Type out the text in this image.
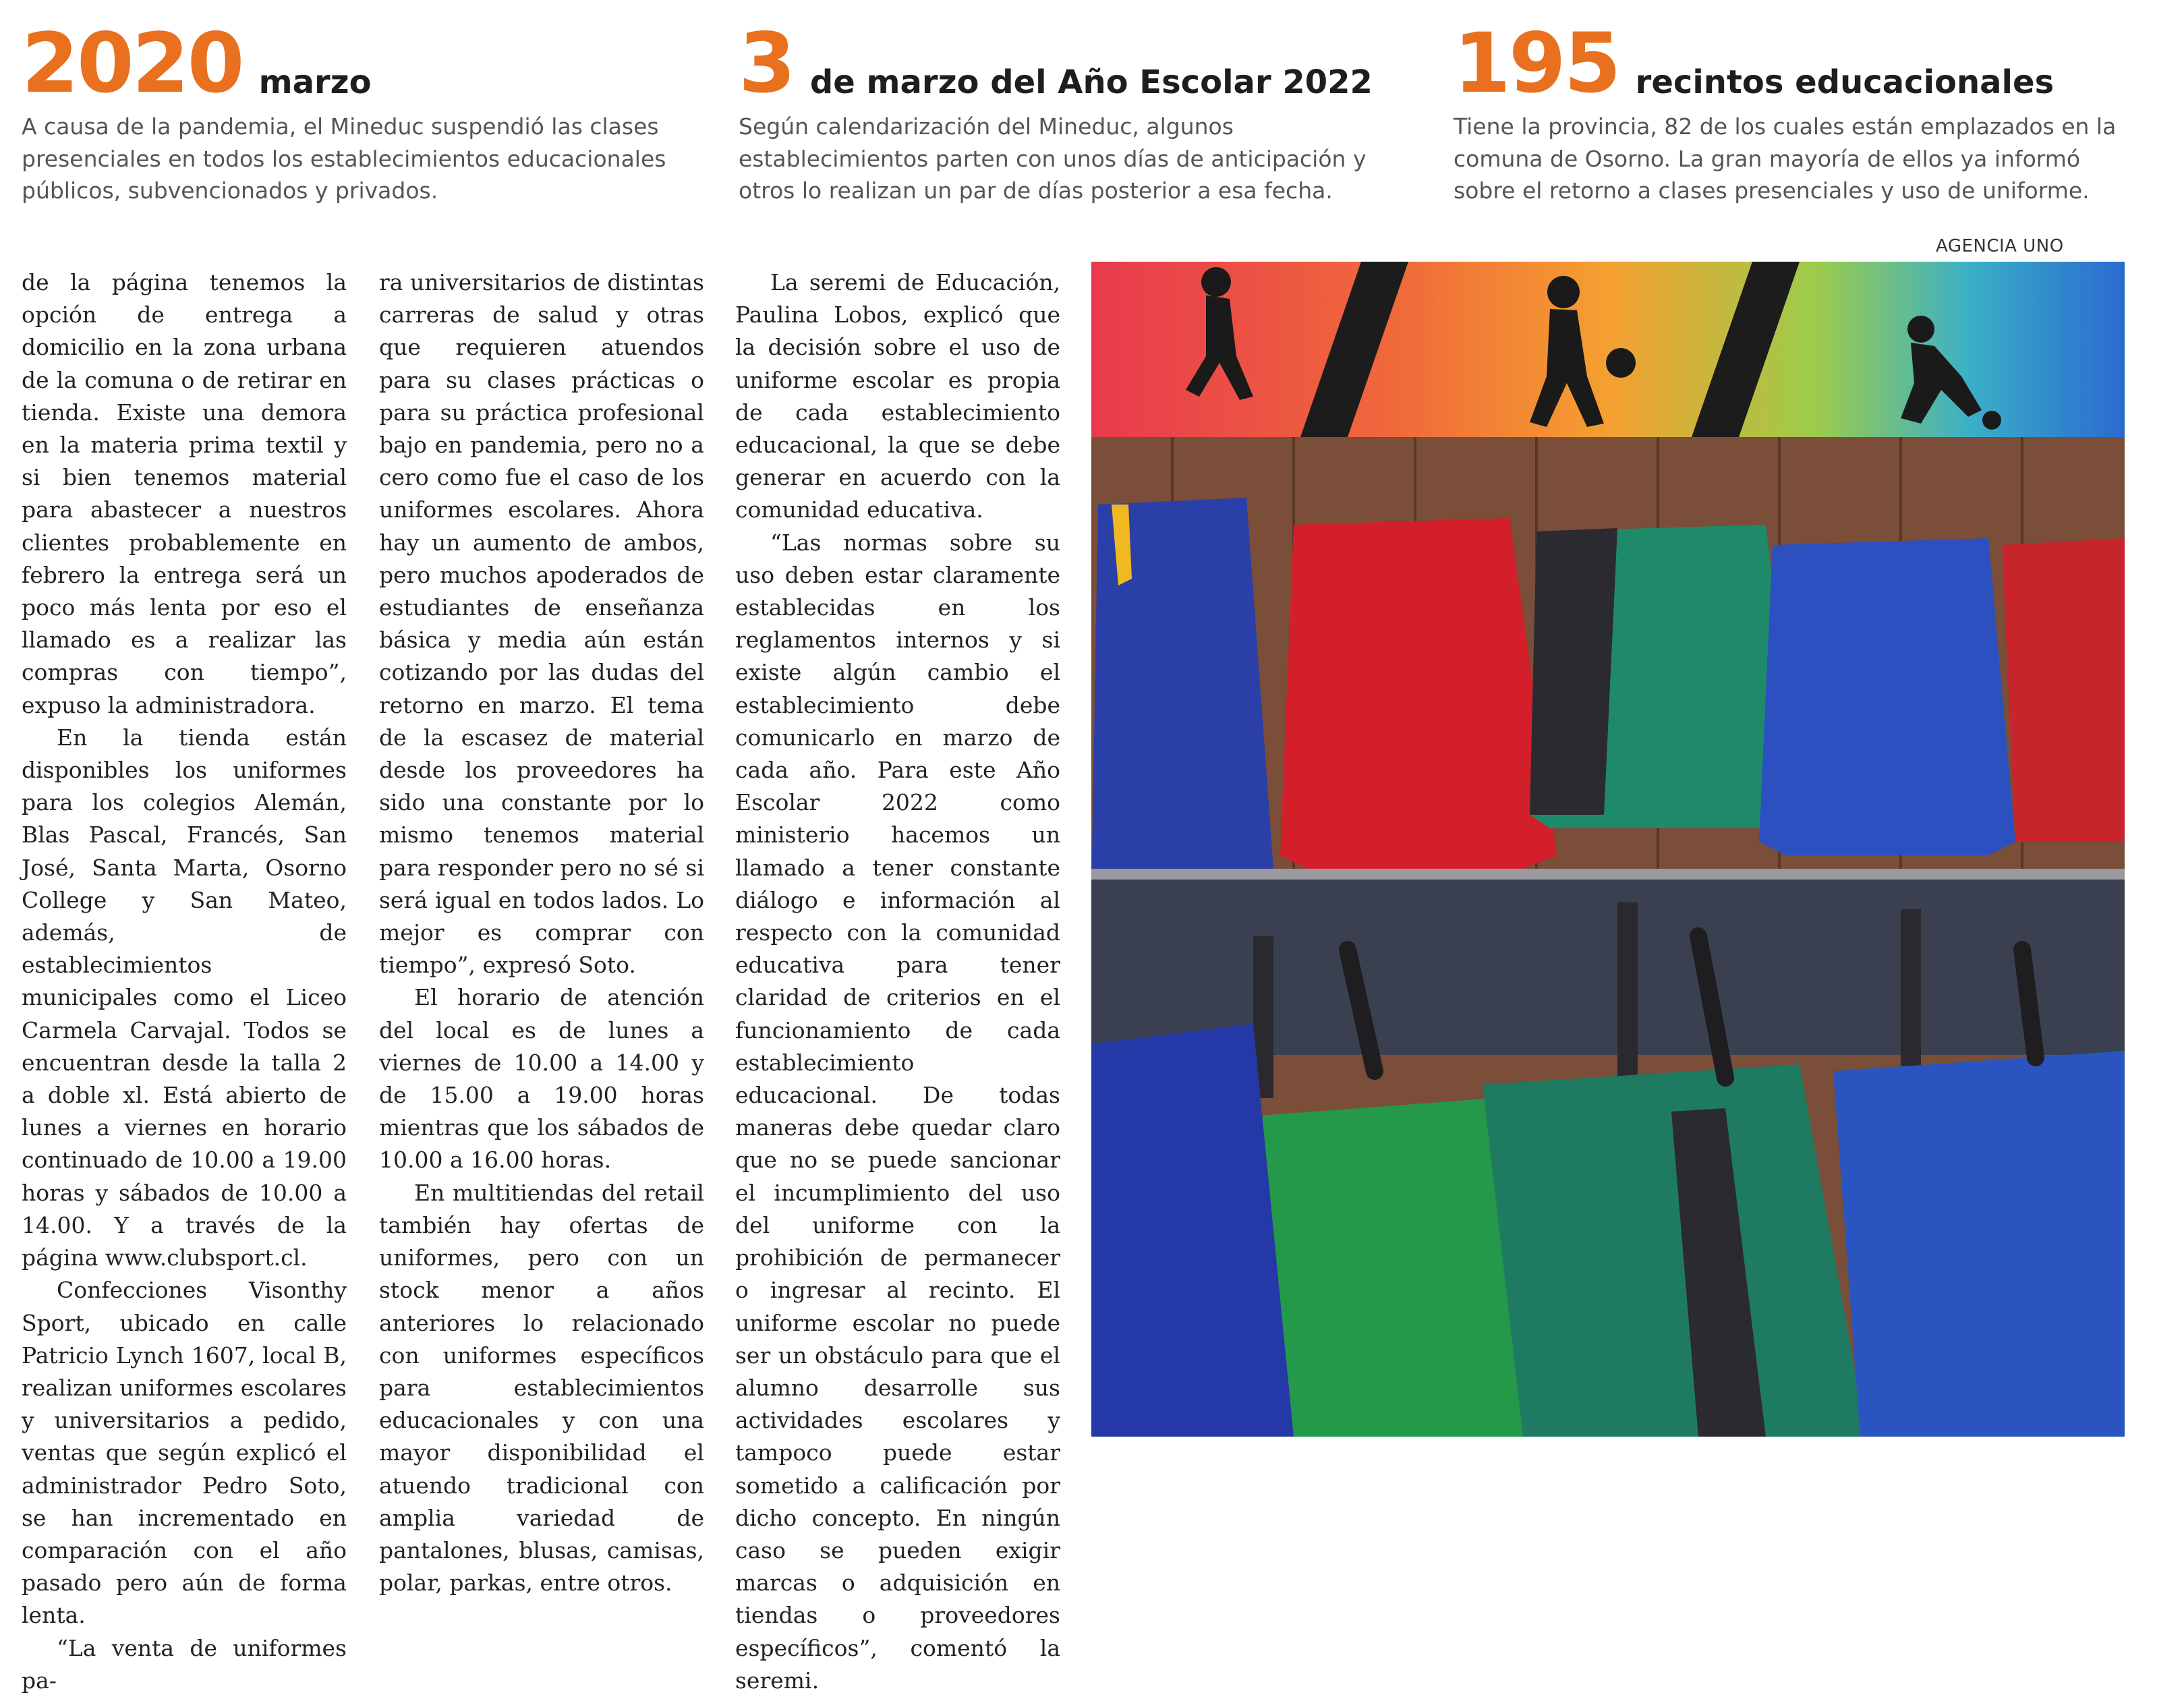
2020 marzo
A causa de la pandemia, el Mineduc suspendió las clases presenciales en todos los establecimientos educacionales públicos, subvencionados y privados.
3 de marzo del Año Escolar 2022
Según calendarización del Mineduc, algunos establecimientos parten con unos días de anticipación y otros lo realizan un par de días posterior a esa fecha.
195 recintos educacionales
Tiene la provincia, 82 de los cuales están emplazados en la comuna de Osorno. La gran mayoría de ellos ya informó sobre el retorno a clases presenciales y uso de uniforme.

de la página tenemos la opción de entrega a domicilio en la zona urbana de la comuna o de retirar en tienda. Existe una demora en la materia prima textil y si bien tenemos material para abastecer a nuestros clientes probablemente en febrero la entrega será un poco más lenta por eso el llamado es a realizar las compras con tiempo”, expuso la administradora.

En la tienda están disponibles los uniformes para los colegios Alemán, Blas Pascal, Francés, San José, Santa Marta, Osorno College y San Mateo, además, de establecimientos municipales como el Liceo Carmela Carvajal. Todos se encuentran desde la talla 2 a doble xl. Está abierto de lunes a viernes en horario continuado de 10.00 a 19.00 horas y sábados de 10.00 a 14.00. Y a través de la página www.clubsport.cl.

Confecciones Visonthy Sport, ubicado en calle Patricio Lynch 1607, local B, realizan uniformes escolares y universitarios a pedido, ventas que según explicó el administrador Pedro Soto, se han incrementado en comparación con el año pasado pero aún de forma lenta.

“La venta de uniformes pa-

ra universitarios de distintas carreras de salud y otras que requieren atuendos para su clases prácticas o para su práctica profesional bajo en pandemia, pero no a cero como fue el caso de los uniformes escolares. Ahora hay un aumento de ambos, pero muchos apoderados de estudiantes de enseñanza básica y media aún están cotizando por las dudas del retorno en marzo. El tema de la escasez de material desde los proveedores ha sido una constante por lo mismo tenemos material para responder pero no sé si será igual en todos lados. Lo mejor es comprar con tiempo”, expresó Soto.

El horario de atención del local es de lunes a viernes de 10.00 a 14.00 y de 15.00 a 19.00 horas mientras que los sábados de 10.00 a 16.00 horas.

En multitiendas del retail también hay ofertas de uniformes, pero con un stock menor a años anteriores lo relacionado con uniformes específicos para establecimientos educacionales y con una mayor disponibilidad el atuendo tradicional con amplia variedad de pantalones, blusas, camisas, polar, parkas, entre otros.

La seremi de Educación, Paulina Lobos, explicó que la decisión sobre el uso de uniforme escolar es propia de cada establecimiento educacional, la que se debe generar en acuerdo con la comunidad educativa.

“Las normas sobre su uso deben estar claramente establecidas en los reglamentos internos y si existe algún cambio el establecimiento debe comunicarlo en marzo de cada año. Para este Año Escolar 2022 como ministerio hacemos un llamado a tener constante diálogo e información al respecto con la comunidad educativa para tener claridad de criterios en el funcionamiento de cada establecimiento educacional. De todas maneras debe quedar claro que no se puede sancionar el incumplimiento del uso del uniforme con la prohibición de permanecer o ingresar al recinto. El uniforme escolar no puede ser un obstáculo para que el alumno desarrolle sus actividades escolares y tampoco puede estar sometido a calificación por dicho concepto. En ningún caso se pueden exigir marcas o adquisición en tiendas o proveedores específicos”, comentó la seremi.

AGENCIA UNO
